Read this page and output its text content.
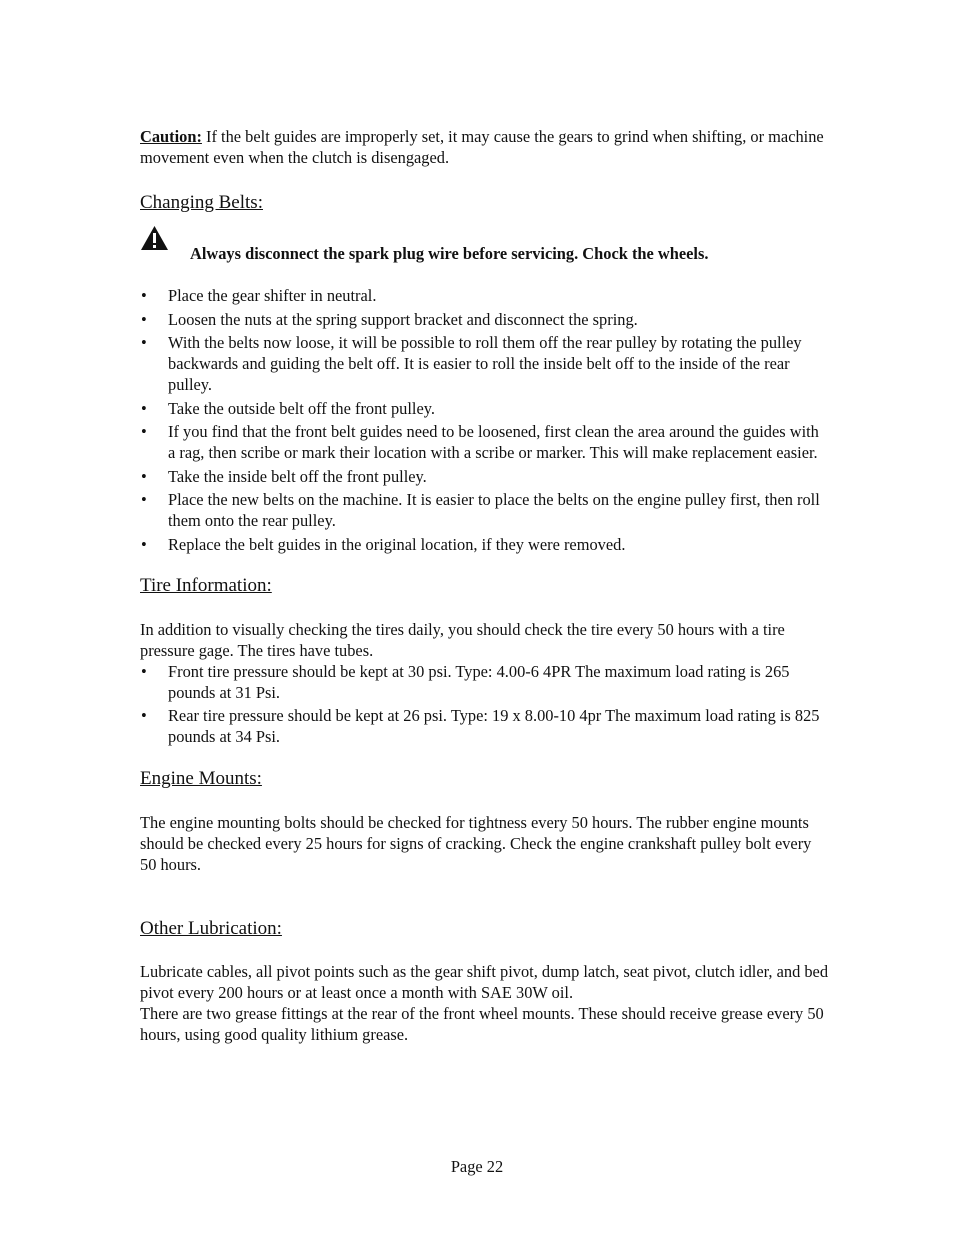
Caution: If the belt guides are improperly set, it may cause the gears to grind when shifting, or machine movement even when the clutch is disengaged.

Changing Belts:
Always disconnect the spark plug wire before servicing. Chock the wheels.
• Place the gear shifter in neutral.
• Loosen the nuts at the spring support bracket and disconnect the spring.
• With the belts now loose, it will be possible to roll them off the rear pulley by rotating the pulley backwards and guiding the belt off. It is easier to roll the inside belt off to the inside of the rear pulley.
• Take the outside belt off the front pulley.
• If you find that the front belt guides need to be loosened, first clean the area around the guides with a rag, then scribe or mark their location with a scribe or marker. This will make replacement easier.
• Take the inside belt off the front pulley.
• Place the new belts on the machine. It is easier to place the belts on the engine pulley first, then roll them onto the rear pulley.
• Replace the belt guides in the original location, if they were removed.
Tire Information:

In addition to visually checking the tires daily, you should check the tire every 50 hours with a tire pressure gage. The tires have tubes.

• Front tire pressure should be kept at 30 psi. Type: 4.00-6 4PR The maximum load rating is 265 pounds at 31 Psi.
• Rear tire pressure should be kept at 26 psi. Type: 19 x 8.00-10 4pr The maximum load rating is 825 pounds at 34 Psi.
Engine Mounts:

The engine mounting bolts should be checked for tightness every 50 hours. The rubber engine mounts should be checked every 25 hours for signs of cracking. Check the engine crankshaft pulley bolt every 50 hours.

Other Lubrication:

Lubricate cables, all pivot points such as the gear shift pivot, dump latch, seat pivot, clutch idler, and bed pivot every 200 hours or at least once a month with SAE 30W oil.

There are two grease fittings at the rear of the front wheel mounts. These should receive grease every 50 hours, using good quality lithium grease.

Page 22
